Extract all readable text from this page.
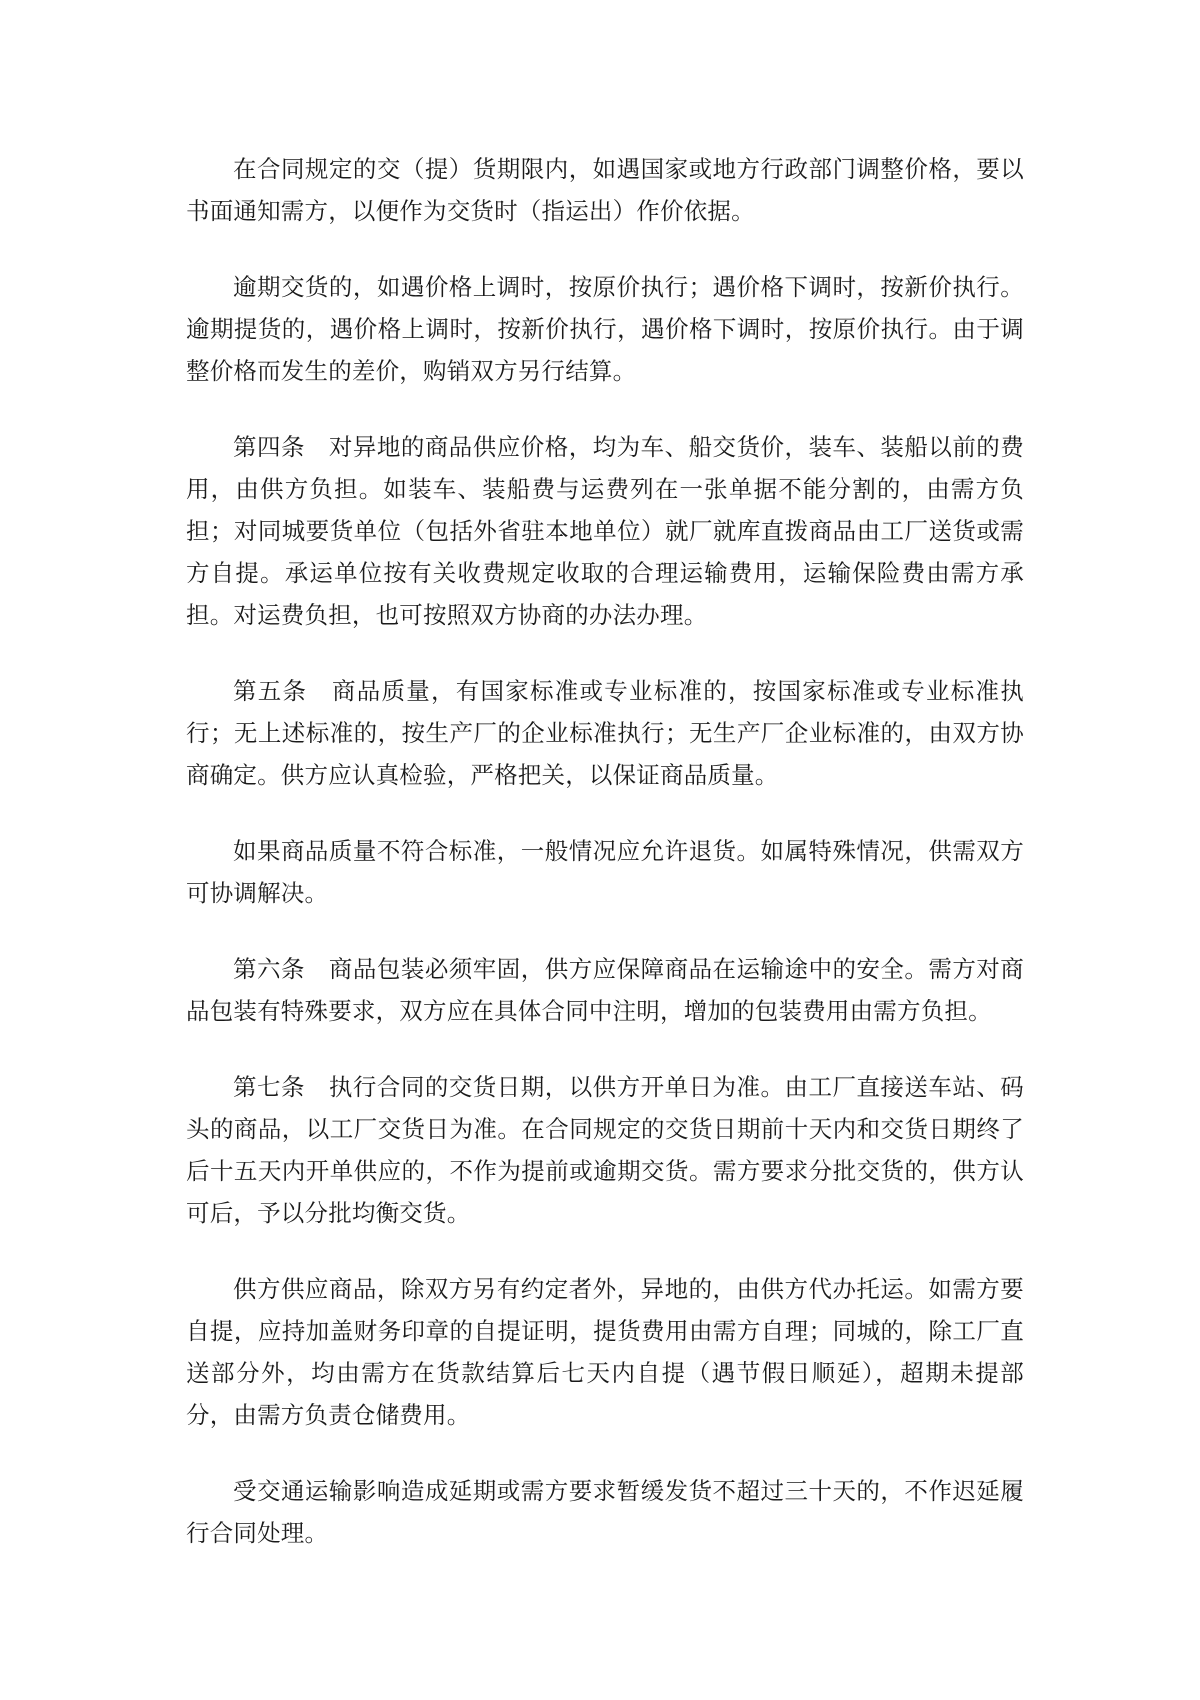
在合同规定的交（提）货期限内，如遇国家或地方行政部门调整价格，要以书面通知需方，以便作为交货时（指运出）作价依据。

逾期交货的，如遇价格上调时，按原价执行；遇价格下调时，按新价执行。逾期提货的，遇价格上调时，按新价执行，遇价格下调时，按原价执行。由于调整价格而发生的差价，购销双方另行结算。

第四条　对异地的商品供应价格，均为车、船交货价，装车、装船以前的费用，由供方负担。如装车、装船费与运费列在一张单据不能分割的，由需方负担；对同城要货单位（包括外省驻本地单位）就厂就库直拨商品由工厂送货或需方自提。承运单位按有关收费规定收取的合理运输费用，运输保险费由需方承担。对运费负担，也可按照双方协商的办法办理。

第五条　商品质量，有国家标准或专业标准的，按国家标准或专业标准执行；无上述标准的，按生产厂的企业标准执行；无生产厂企业标准的，由双方协商确定。供方应认真检验，严格把关，以保证商品质量。

如果商品质量不符合标准，一般情况应允许退货。如属特殊情况，供需双方可协调解决。

第六条　商品包装必须牢固，供方应保障商品在运输途中的安全。需方对商品包装有特殊要求，双方应在具体合同中注明，增加的包装费用由需方负担。

第七条　执行合同的交货日期，以供方开单日为准。由工厂直接送车站、码头的商品，以工厂交货日为准。在合同规定的交货日期前十天内和交货日期终了后十五天内开单供应的，不作为提前或逾期交货。需方要求分批交货的，供方认可后，予以分批均衡交货。

供方供应商品，除双方另有约定者外，异地的，由供方代办托运。如需方要自提，应持加盖财务印章的自提证明，提货费用由需方自理；同城的，除工厂直送部分外，均由需方在货款结算后七天内自提（遇节假日顺延），超期未提部分，由需方负责仓储费用。

受交通运输影响造成延期或需方要求暂缓发货不超过三十天的，不作迟延履行合同处理。
